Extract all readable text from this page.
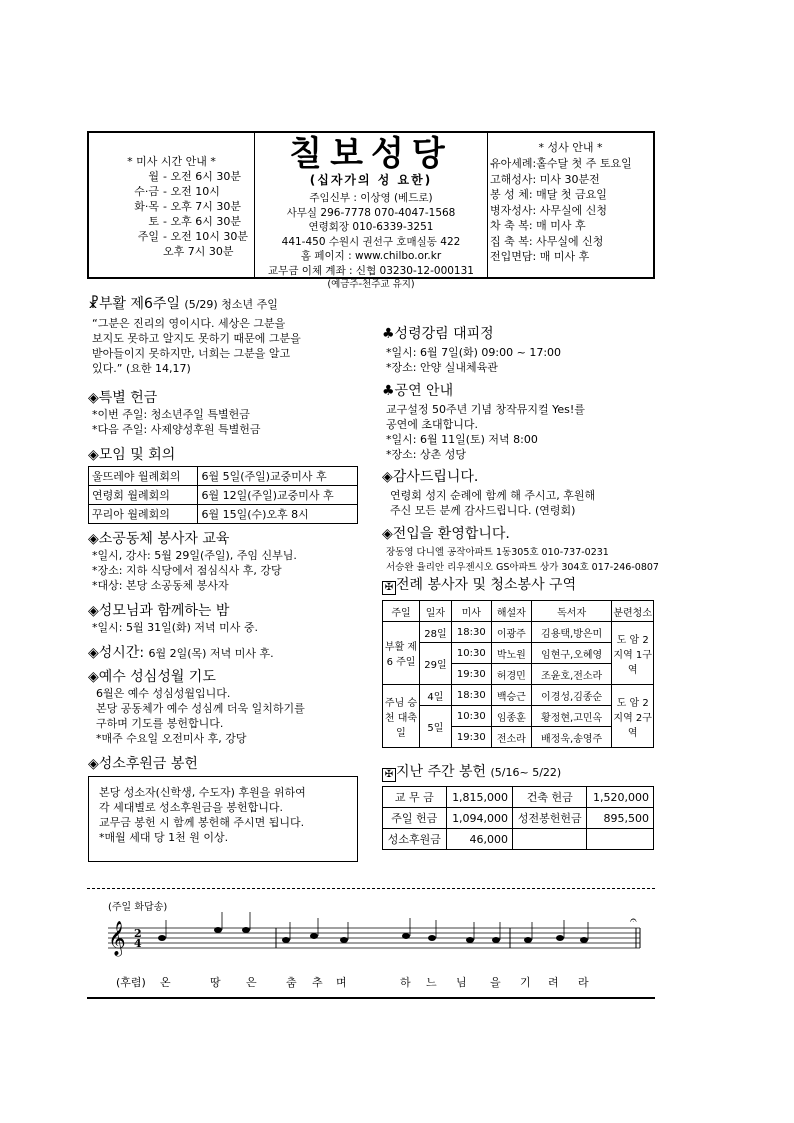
* 미사 시간 안내 *
월 - 오전 6시 30분
수·금 - 오전 10시
화·목 - 오후 7시 30분
토 - 오후 6시 30분
주일 - 오전 10시 30분
오후 7시 30분
칠보성당
(십자가의 성 요한)
주임신부 : 이상영 (베드로)
사무실 296-7778 070-4047-1568
연령회장 010-6339-3251
441-450 수원시 권선구 호매실동 422
홈 페이지 : www.chilbo.or.kr
교무금 이체 계좌 : 신협 03230-12-000131
(예금주-천주교 유지)
* 성사 안내 *
유아세례:홀수달 첫 주 토요일
고해성사: 미사 30분전
봉 성 체: 매달 첫 금요일
병자성사: 사무실에 신청
차 축 복: 매 미사 후
집 축 복: 사무실에 신청
전입면담: 매 미사 후
☧부활 제6주일 (5/29) 청소년 주일
“그분은 진리의 영이시다. 세상은 그분을
보지도 못하고 알지도 못하기 때문에 그분을
받아들이지 못하지만, 너희는 그분을 알고
있다.” (요한 14,17)
◈특별 헌금
*이번 주일: 청소년주일 특별헌금
*다음 주일: 사제양성후원 특별헌금
◈모임 및 회의
울뜨레야 월례회의	6월 5일(주일)교중미사 후
연령회 월례회의	6월 12일(주일)교중미사 후
꾸리아 월례회의	6월 15일(수)오후 8시
◈소공동체 봉사자 교육
*일시, 강사: 5월 29일(주일), 주임 신부님.
*장소: 지하 식당에서 점심식사 후, 강당
*대상: 본당 소공동체 봉사자
◈성모님과 함께하는 밤
*일시: 5월 31일(화) 저녁 미사 중.
◈성시간: 6월 2일(목) 저녁 미사 후.
◈예수 성심성월 기도
6월은 예수 성심성월입니다.
본당 공동체가 예수 성심께 더욱 일치하기를
구하며 기도를 봉헌합니다.
*매주 수요일 오전미사 후, 강당
◈성소후원금 봉헌
본당 성소자(신학생, 수도자) 후원을 위하여
각 세대별로 성소후원금을 봉헌합니다.
교무금 봉헌 시 함께 봉헌해 주시면 됩니다.
*매월 세대 당 1천 원 이상.
♣성령강림 대피정
*일시: 6월 7일(화) 09:00 ~ 17:00
*장소: 안양 실내체육관
♣공연 안내
교구설정 50주년 기념 창작뮤지컬 Yes!를
공연에 초대합니다.
*일시: 6월 11일(토) 저녁 8:00
*장소: 상촌 성당
◈감사드립니다.
연령회 성지 순례에 함께 해 주시고, 후원해
주신 모든 분께 감사드립니다. (연령회)
◈전입을 환영합니다.
장동영 다니엘 공작아파트 1동305호 010-737-0231
서승완 율리안 리우젠시오 GS아파트 상가 304호 017-246-0807
✠ 전례 봉사자 및 청소봉사 구역
주일	일자	미사	해설자	독서자	분련청소
부활 제6 주일	28일	18:30	이광주	김용택,방은미	도 암 2지역 1구역
	29일	10:30	박노원	임현구,오혜영	
		19:30	허경민	조윤호,전소라	
주님 승천 대축일	4일	18:30	백승근	이경성,김종순	도 암 2지역 2구역
	5일	10:30	임종훈	황정현,고민옥	
		19:30	전소라	배정욱,송영주	
✠ 지난 주간 봉헌 (5/16~ 5/22)
교 무 금	1,815,000	건축 헌금	1,520,000
주일 헌금	1,094,000	성전봉헌헌금	895,500
성소후원금	46,000		
(주일 화답송)
𝄞 2
4
𝄐
(후렴) 온	땅 은	춤 추 며	하 느 님 을 기 려 라
